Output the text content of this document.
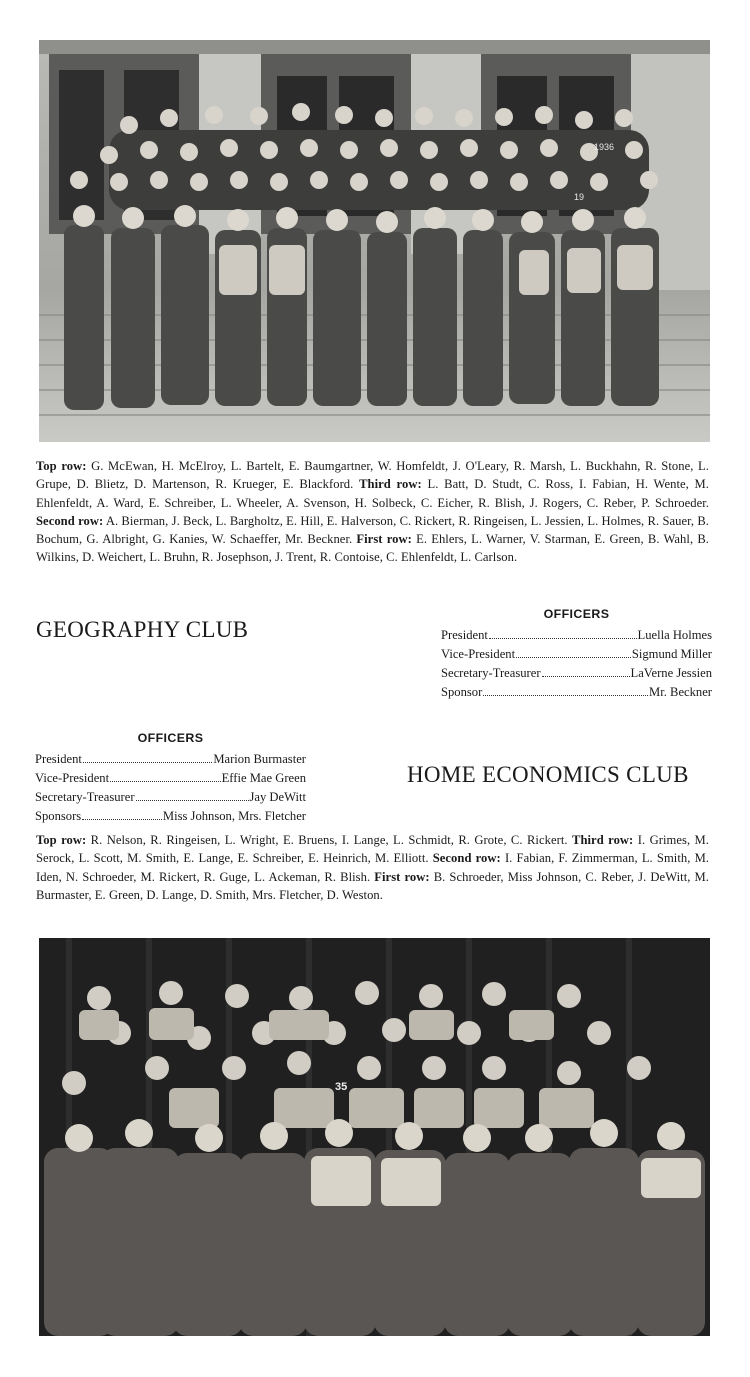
1936
19
Top row: G. McEwan, H. McElroy, L. Bartelt, E. Baumgartner, W. Homfeldt, J. O'Leary, R. Marsh, L. Buckhahn, R. Stone, L. Grupe, D. Blietz, D. Martenson, R. Krueger, E. Blackford. Third row: L. Batt, D. Studt, C. Ross, I. Fabian, H. Wente, M. Ehlenfeldt, A. Ward, E. Schreiber, L. Wheeler, A. Svenson, H. Solbeck, C. Eicher, R. Blish, J. Rogers, C. Reber, P. Schroeder. Second row: A. Bierman, J. Beck, L. Bargholtz, E. Hill, E. Halverson, C. Rickert, R. Ringeisen, L. Jessien, L. Holmes, R. Sauer, B. Bochum, G. Albright, G. Kanies, W. Schaeffer, Mr. Beckner. First row: E. Ehlers, L. Warner, V. Starman, E. Green, B. Wahl, B. Wilkins, D. Weichert, L. Bruhn, R. Josephson, J. Trent, R. Contoise, C. Ehlenfeldt, L. Carlson.
GEOGRAPHY CLUB
OFFICERS
President	Luella Holmes
Vice-President	Sigmund Miller
Secretary-Treasurer	LaVerne Jessien
Sponsor	Mr. Beckner
OFFICERS
President	Marion Burmaster
Vice-President	Effie Mae Green
Secretary-Treasurer	Jay DeWitt
Sponsors	Miss Johnson, Mrs. Fletcher
HOME ECONOMICS CLUB
Top row: R. Nelson, R. Ringeisen, L. Wright, E. Bruens, I. Lange, L. Schmidt, R. Grote, C. Rickert. Third row: I. Grimes, M. Serock, L. Scott, M. Smith, E. Lange, E. Schreiber, E. Heinrich, M. Elliott. Second row: I. Fabian, F. Zimmerman, L. Smith, M. Iden, N. Schroeder, M. Rickert, R. Guge, L. Ackeman, R. Blish. First row: B. Schroeder, Miss Johnson, C. Reber, J. DeWitt, M. Burmaster, E. Green, D. Lange, D. Smith, Mrs. Fletcher, D. Weston.
35
